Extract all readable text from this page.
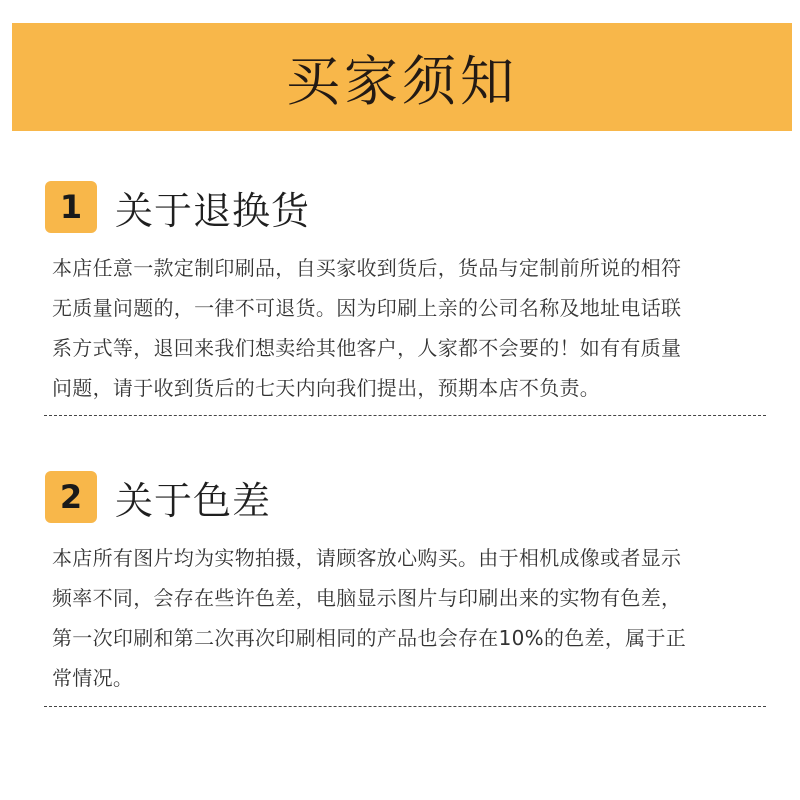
买家须知
1 关于退换货
本店任意一款定制印刷品，自买家收到货后，货品与定制前所说的相符
无质量问题的，一律不可退货。因为印刷上亲的公司名称及地址电话联
系方式等，退回来我们想卖给其他客户，人家都不会要的！如有有质量
问题，请于收到货后的七天内向我们提出，预期本店不负责。
2 关于色差
本店所有图片均为实物拍摄，请顾客放心购买。由于相机成像或者显示
频率不同，会存在些许色差，电脑显示图片与印刷出来的实物有色差，
第一次印刷和第二次再次印刷相同的产品也会存在10%的色差，属于正
常情况。
